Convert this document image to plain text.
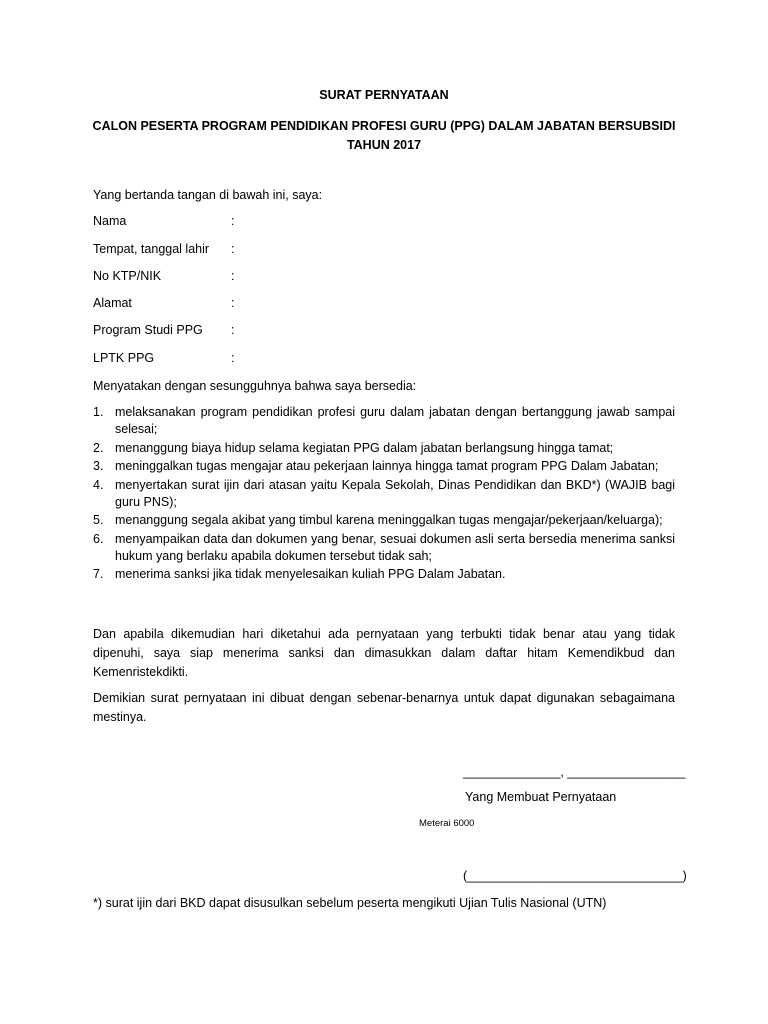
SURAT PERNYATAAN
CALON PESERTA PROGRAM PENDIDIKAN PROFESI GURU (PPG) DALAM JABATAN BERSUBSIDI
TAHUN 2017
Yang bertanda tangan di bawah ini, saya:
Nama	:
Tempat, tanggal lahir :
No KTP/NIK	:
Alamat	:
Program Studi PPG :
LPTK PPG	:
Menyatakan dengan sesungguhnya bahwa saya bersedia:
1. melaksanakan program pendidikan profesi guru dalam jabatan dengan bertanggung jawab sampai selesai;
2. menanggung biaya hidup selama kegiatan PPG dalam jabatan berlangsung hingga tamat;
3. meninggalkan tugas mengajar atau pekerjaan lainnya hingga tamat program PPG Dalam Jabatan;
4. menyertakan surat ijin dari atasan yaitu Kepala Sekolah, Dinas Pendidikan dan BKD*) (WAJIB bagi guru PNS);
5. menanggung segala akibat yang timbul karena meninggalkan tugas mengajar/pekerjaan/keluarga);
6. menyampaikan data dan dokumen yang benar, sesuai dokumen asli serta bersedia menerima sanksi hukum yang berlaku apabila dokumen tersebut tidak sah;
7. menerima sanksi jika tidak menyelesaikan kuliah PPG Dalam Jabatan.
Dan apabila dikemudian hari diketahui ada pernyataan yang terbukti tidak benar atau yang tidak dipenuhi, saya siap menerima sanksi dan dimasukkan dalam daftar hitam Kemendikbud dan Kemenristekdikti.
Demikian surat pernyataan ini dibuat dengan sebenar-benarnya untuk dapat digunakan sebagaimana mestinya.
______________, _________________
Yang Membuat Pernyataan
Meterai 6000
(_______________________________)
*) surat ijin dari BKD dapat disusulkan sebelum peserta mengikuti Ujian Tulis Nasional (UTN)
